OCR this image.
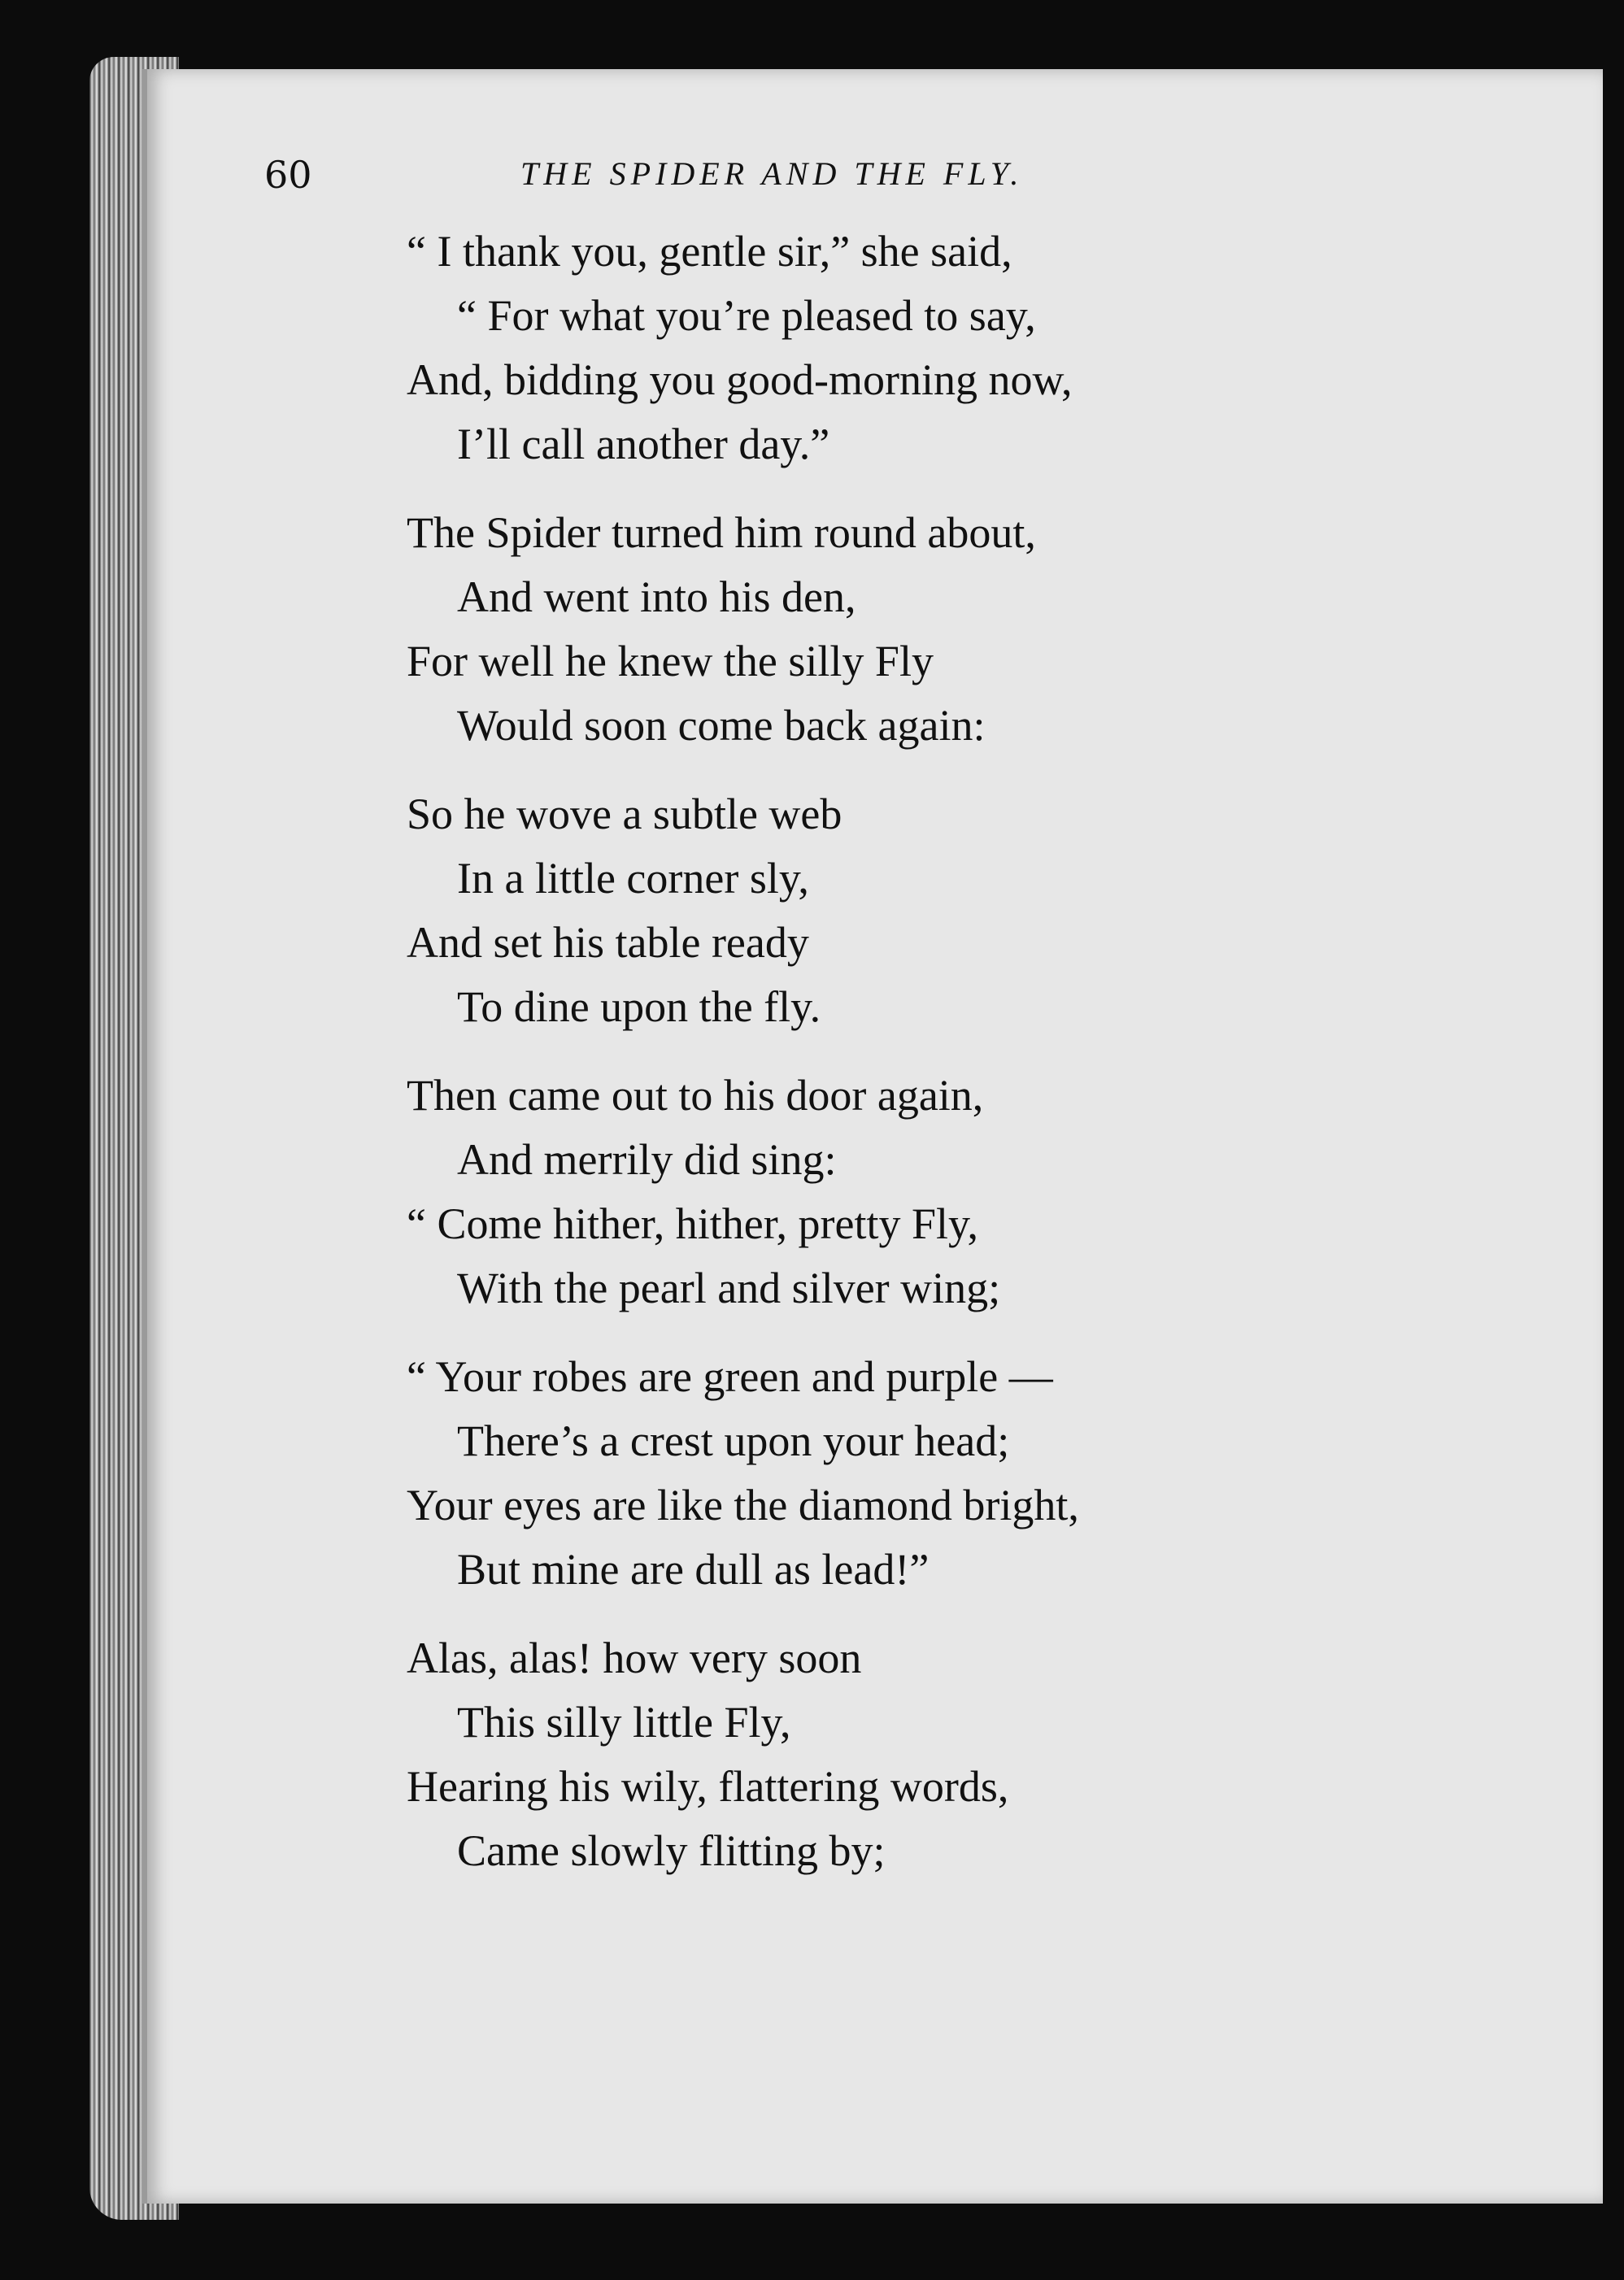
60	THE SPIDER AND THE FLY.
“ I thank you, gentle sir,” she said,
“ For what you’re pleased to say,
And, bidding you good-morning now,
I’ll call another day.”
The Spider turned him round about,
And went into his den,
For well he knew the silly Fly
Would soon come back again:
So he wove a subtle web
In a little corner sly,
And set his table ready
To dine upon the fly.
Then came out to his door again,
And merrily did sing:
“ Come hither, hither, pretty Fly,
With the pearl and silver wing;
“ Your robes are green and purple —
There’s a crest upon your head;
Your eyes are like the diamond bright,
But mine are dull as lead!”
Alas, alas! how very soon
This silly little Fly,
Hearing his wily, flattering words,
Came slowly flitting by;
